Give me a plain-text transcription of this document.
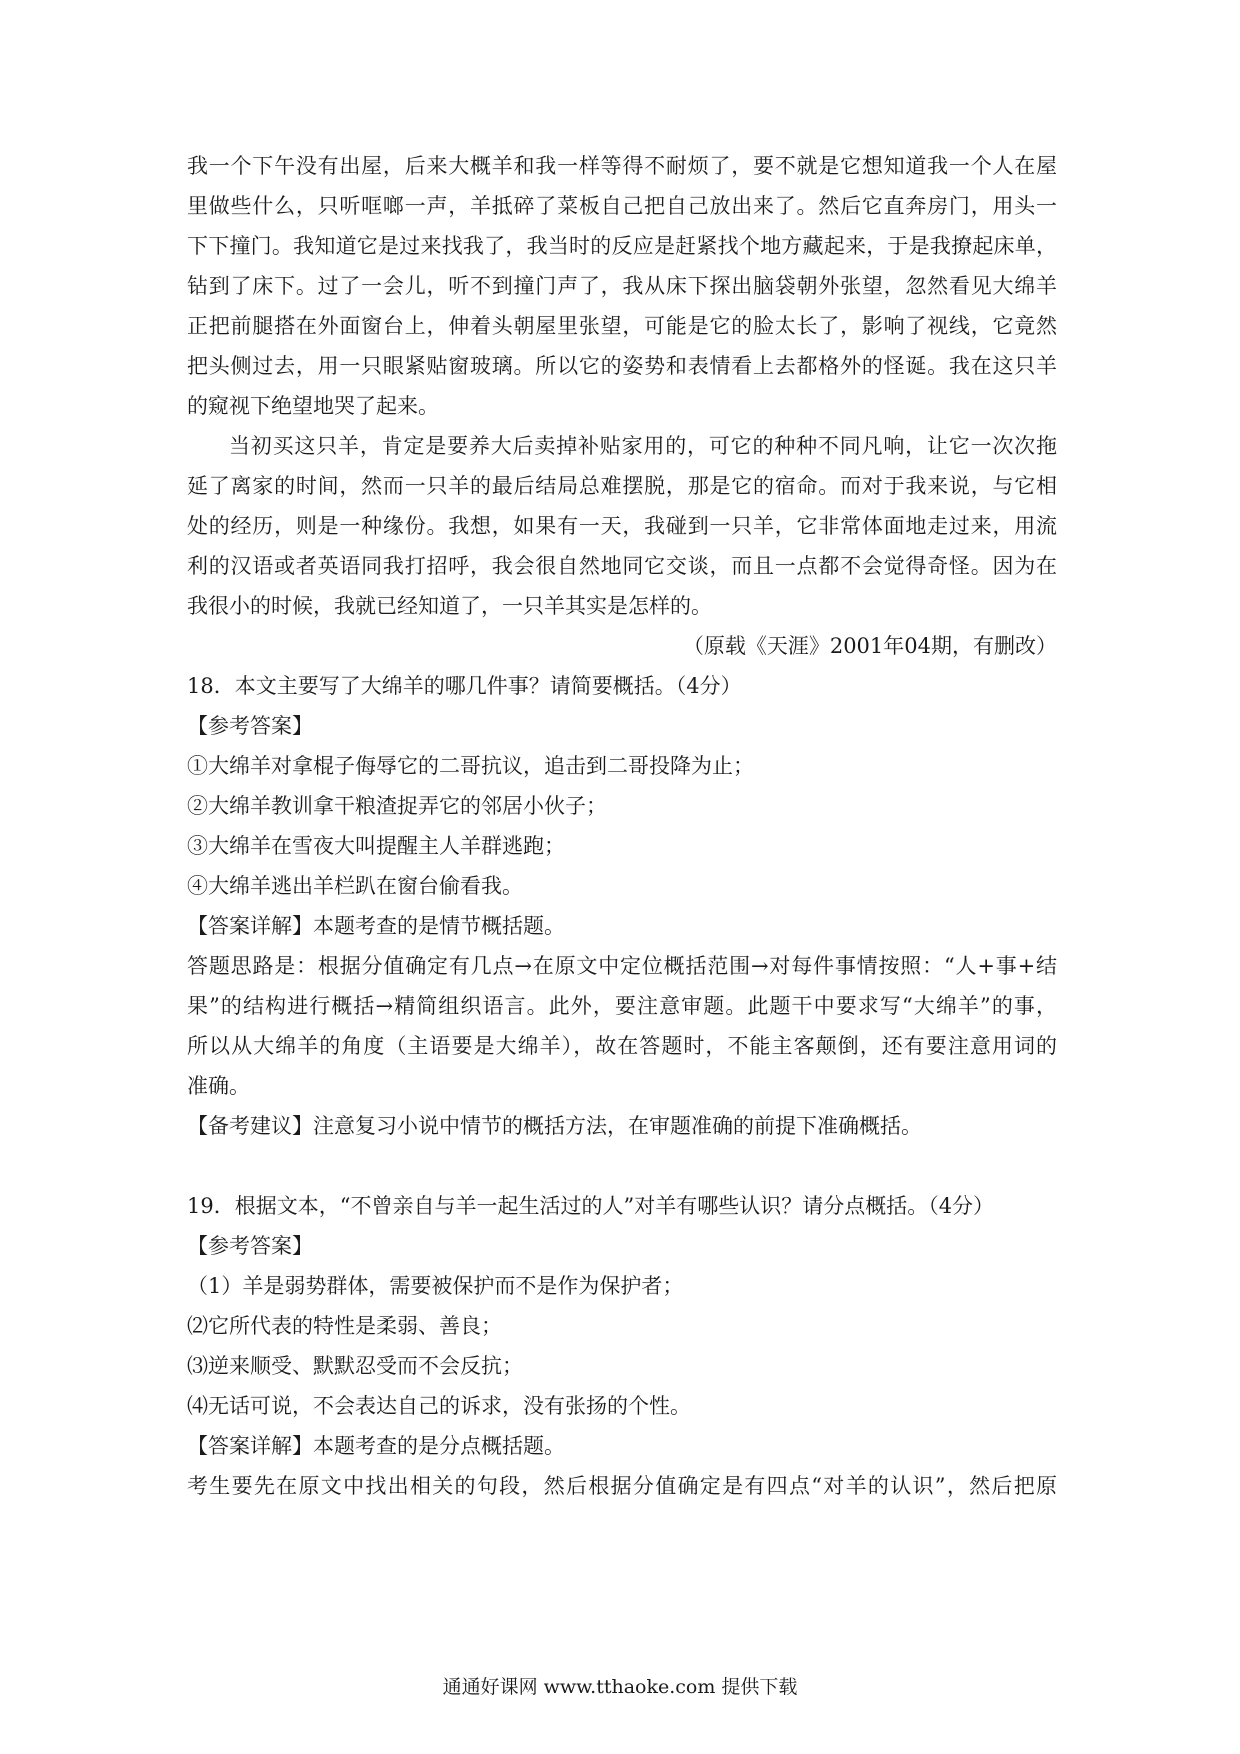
我一个下午没有出屋，后来大概羊和我一样等得不耐烦了，要不就是它想知道我一个人在屋
里做些什么，只听哐啷一声，羊抵碎了菜板自己把自己放出来了。然后它直奔房门，用头一
下下撞门。我知道它是过来找我了，我当时的反应是赶紧找个地方藏起来，于是我撩起床单，
钻到了床下。过了一会儿，听不到撞门声了，我从床下探出脑袋朝外张望，忽然看见大绵羊
正把前腿搭在外面窗台上，伸着头朝屋里张望，可能是它的脸太长了，影响了视线，它竟然
把头侧过去，用一只眼紧贴窗玻璃。所以它的姿势和表情看上去都格外的怪诞。我在这只羊
的窥视下绝望地哭了起来。
当初买这只羊，肯定是要养大后卖掉补贴家用的，可它的种种不同凡响，让它一次次拖
延了离家的时间，然而一只羊的最后结局总难摆脱，那是它的宿命。而对于我来说，与它相
处的经历，则是一种缘份。我想，如果有一天，我碰到一只羊，它非常体面地走过来，用流
利的汉语或者英语同我打招呼，我会很自然地同它交谈，而且一点都不会觉得奇怪。因为在
我很小的时候，我就已经知道了，一只羊其实是怎样的。
（原载《天涯》2001年04期，有删改）
18．本文主要写了大绵羊的哪几件事？请简要概括。（4分）
【参考答案】
①大绵羊对拿棍子侮辱它的二哥抗议，追击到二哥投降为止；
②大绵羊教训拿干粮渣捉弄它的邻居小伙子；
③大绵羊在雪夜大叫提醒主人羊群逃跑；
④大绵羊逃出羊栏趴在窗台偷看我。
【答案详解】本题考查的是情节概括题。
答题思路是：根据分值确定有几点→在原文中定位概括范围→对每件事情按照：“人+事+结
果”的结构进行概括→精简组织语言。此外，要注意审题。此题干中要求写“大绵羊”的事，
所以从大绵羊的角度（主语要是大绵羊），故在答题时，不能主客颠倒，还有要注意用词的
准确。
【备考建议】注意复习小说中情节的概括方法，在审题准确的前提下准确概括。
19．根据文本，“不曾亲自与羊一起生活过的人”对羊有哪些认识？请分点概括。（4分）
【参考答案】
（1）羊是弱势群体，需要被保护而不是作为保护者；
⑵它所代表的特性是柔弱、善良；
⑶逆来顺受、默默忍受而不会反抗；
⑷无话可说，不会表达自己的诉求，没有张扬的个性。
【答案详解】本题考查的是分点概括题。
考生要先在原文中找出相关的句段，然后根据分值确定是有四点“对羊的认识”，然后把原
通通好课网 www.tthaoke.com 提供下载
